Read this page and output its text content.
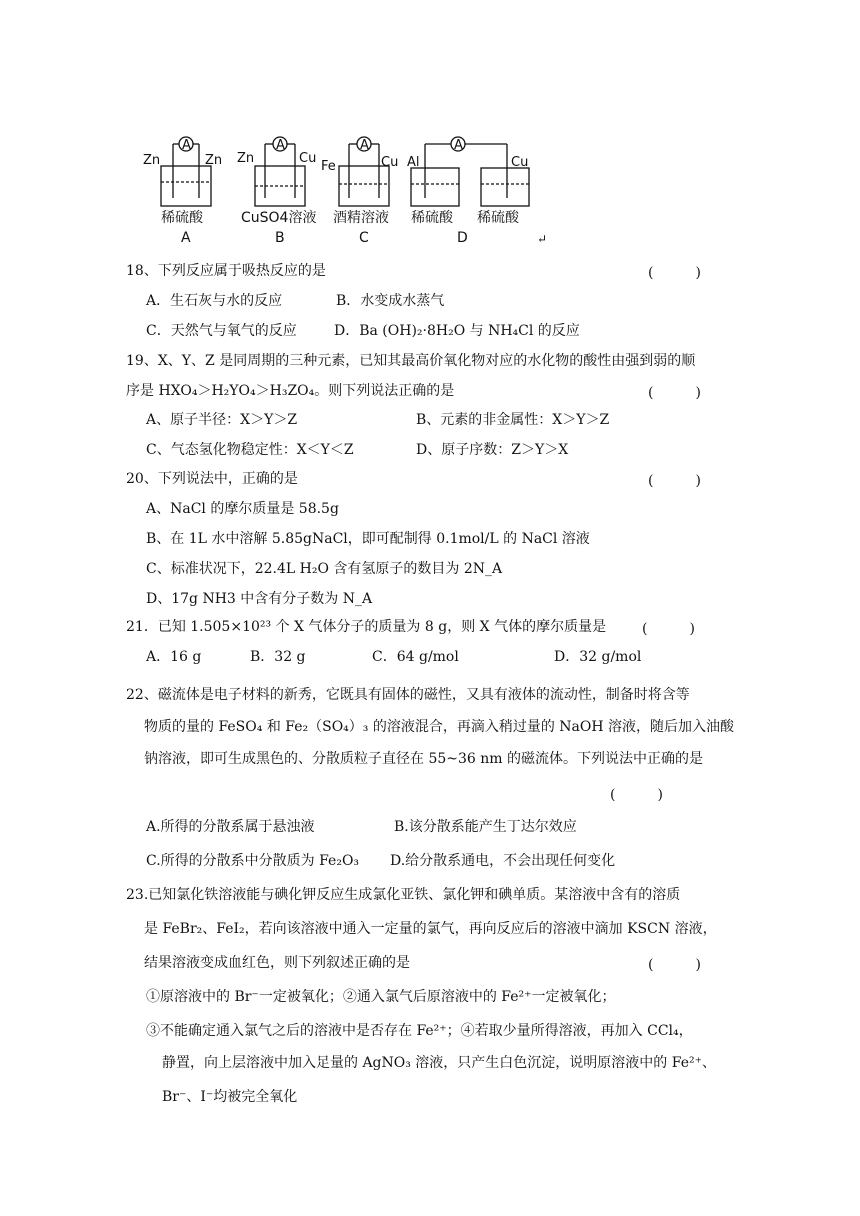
A	A	A	A
Zn	Zn Zn	Cu
Fe	Cu Al	Cu
稀硫酸	CuSO4溶液 酒精溶液 稀硫酸 稀硫酸
A	B	C	D	↵
18、下列反应属于吸热反应的是	(　　　)
A．生石灰与水的反应	B．水变成水蒸气
C．天然气与氧气的反应	D．Ba (OH)₂·8H₂O 与 NH₄Cl 的反应
19、X、Y、Z 是同周期的三种元素，已知其最高价氧化物对应的水化物的酸性由强到弱的顺
序是 HXO₄＞H₂YO₄＞H₃ZO₄。则下列说法正确的是	(　　　)
A、原子半径：X＞Y＞Z	B、元素的非金属性：X＞Y＞Z
C、气态氢化物稳定性：X＜Y＜Z	D、原子序数：Z＞Y＞X
20、下列说法中，正确的是	(　　　)
A、NaCl 的摩尔质量是 58.5g
B、在 1L 水中溶解 5.85gNaCl，即可配制得 0.1mol/L 的 NaCl 溶液
C、标准状况下，22.4L H₂O 含有氢原子的数目为 2N_A
D、17g NH3 中含有分子数为 N_A
21．已知 1.505×10²³ 个 X 气体分子的质量为 8 g，则 X 气体的摩尔质量是	(　　　)
A．16 g	B．32 g	C．64 g/mol	D．32 g/mol
22、磁流体是电子材料的新秀，它既具有固体的磁性，又具有液体的流动性，制备时将含等
物质的量的 FeSO₄ 和 Fe₂（SO₄）₃ 的溶液混合，再滴入稍过量的 NaOH 溶液，随后加入油酸
钠溶液，即可生成黑色的、分散质粒子直径在 55~36 nm 的磁流体。下列说法中正确的是
(　　　)
A.所得的分散系属于悬浊液	B.该分散系能产生丁达尔效应
C.所得的分散系中分散质为 Fe₂O₃ D.给分散系通电，不会出现任何变化
23.已知氯化铁溶液能与碘化钾反应生成氯化亚铁、氯化钾和碘单质。某溶液中含有的溶质
是 FeBr₂、FeI₂，若向该溶液中通入一定量的氯气，再向反应后的溶液中滴加 KSCN 溶液，
结果溶液变成血红色，则下列叙述正确的是	(　　　)
①原溶液中的 Br⁻一定被氧化；②通入氯气后原溶液中的 Fe²⁺一定被氧化；
③不能确定通入氯气之后的溶液中是否存在 Fe²⁺；④若取少量所得溶液，再加入 CCl₄，
静置，向上层溶液中加入足量的 AgNO₃ 溶液，只产生白色沉淀，说明原溶液中的 Fe²⁺、
Br⁻、I⁻均被完全氧化
